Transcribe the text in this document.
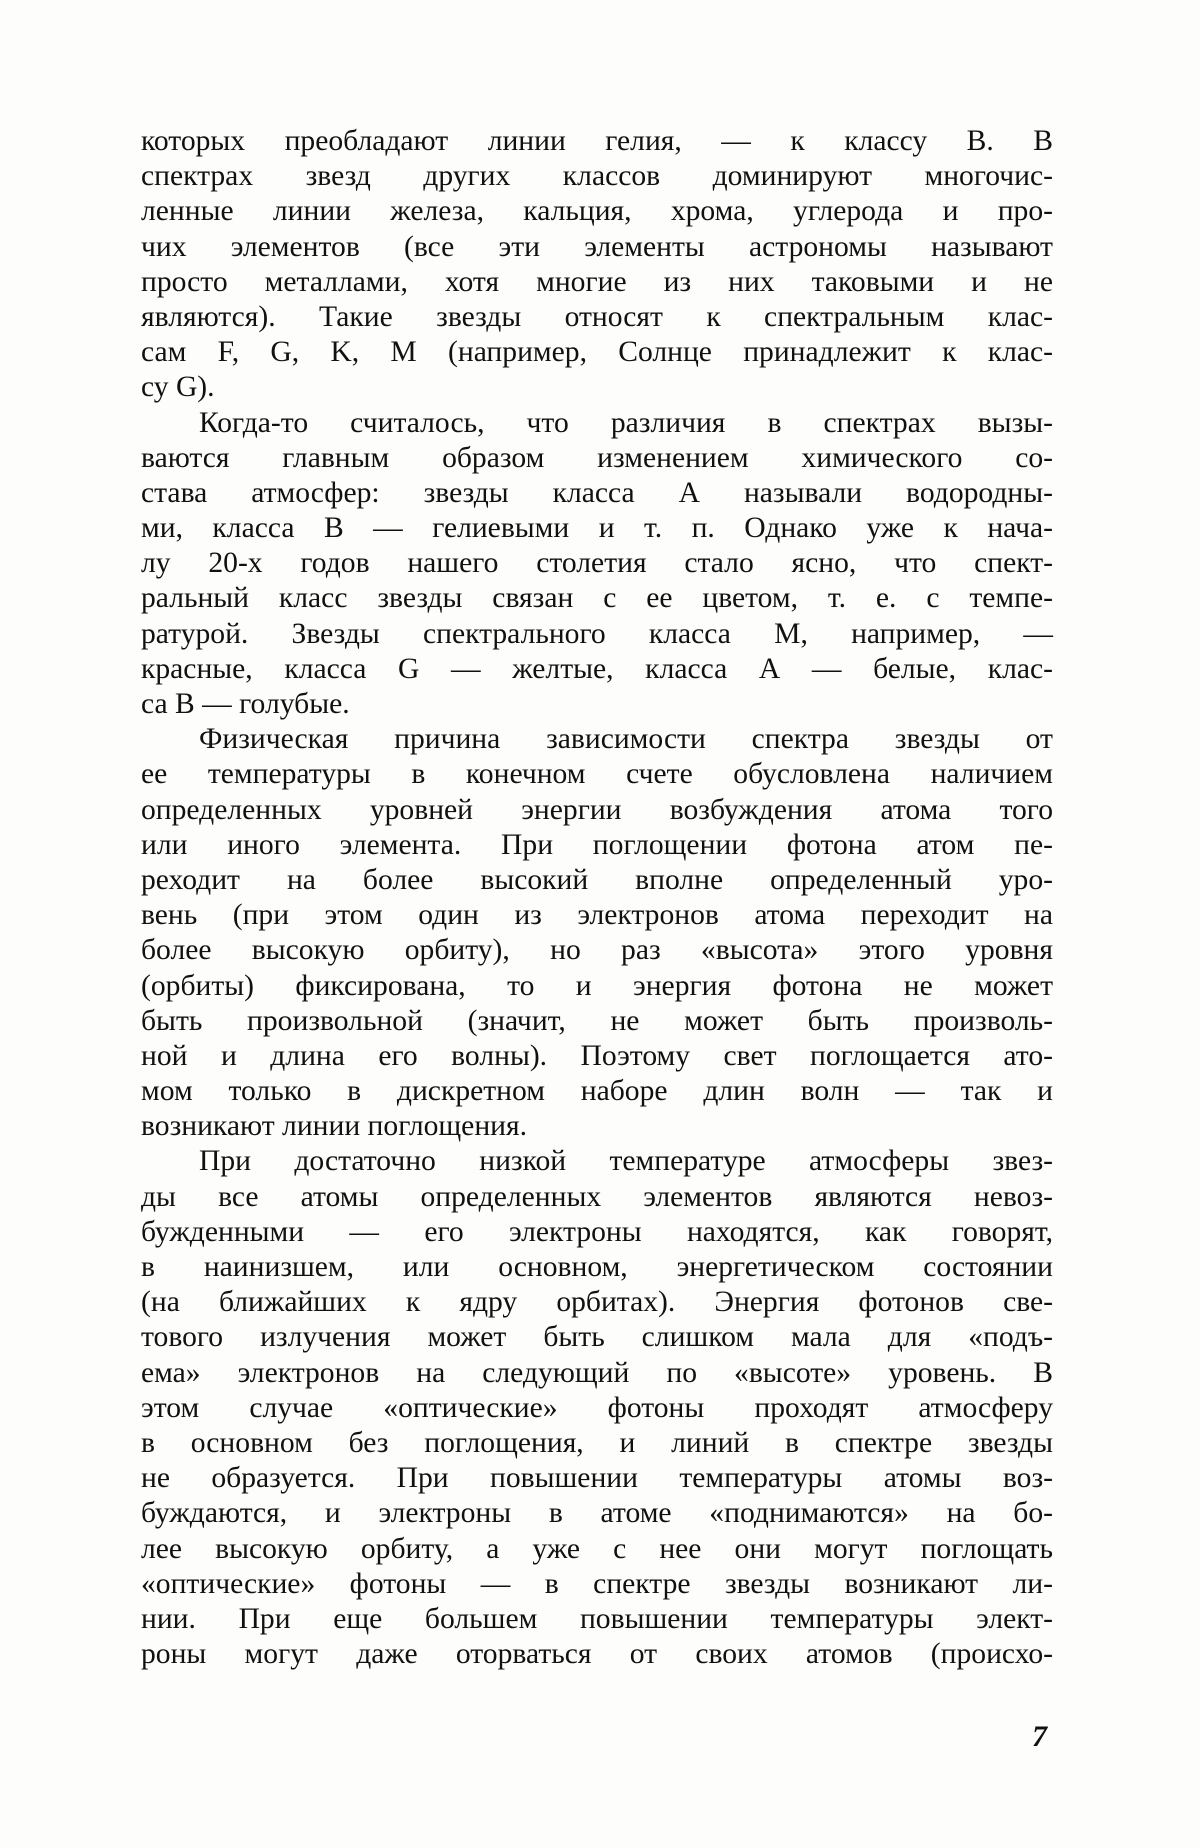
которых преобладают линии гелия, — к классу В. В
спектрах звезд других классов доминируют многочис-
ленные линии железа, кальция, хрома, углерода и про-
чих элементов (все эти элементы астрономы называют
просто металлами, хотя многие из них таковыми и не
являются). Такие звезды относят к спектральным клас-
сам F, G, K, M (например, Солнце принадлежит к клас-
су G).
Когда-то считалось, что различия в спектрах вызы-
ваются главным образом изменением химического со-
става атмосфер: звезды класса А называли водородны-
ми, класса В — гелиевыми и т. п. Однако уже к нача-
лу 20-х годов нашего столетия стало ясно, что спект-
ральный класс звезды связан с ее цветом, т. е. с темпе-
ратурой. Звезды спектрального класса M, например, —
красные, класса G — желтые, класса А — белые, клас-
са В — голубые.
Физическая причина зависимости спектра звезды от
ее температуры в конечном счете обусловлена наличием
определенных уровней энергии возбуждения атома того
или иного элемента. При поглощении фотона атом пе-
реходит на более высокий вполне определенный уро-
вень (при этом один из электронов атома переходит на
более высокую орбиту), но раз «высота» этого уровня
(орбиты) фиксирована, то и энергия фотона не может
быть произвольной (значит, не может быть произволь-
ной и длина его волны). Поэтому свет поглощается ато-
мом только в дискретном наборе длин волн — так и
возникают линии поглощения.
При достаточно низкой температуре атмосферы звез-
ды все атомы определенных элементов являются невоз-
бужденными — его электроны находятся, как говорят,
в наинизшем, или основном, энергетическом состоянии
(на ближайших к ядру орбитах). Энергия фотонов све-
тового излучения может быть слишком мала для «подъ-
ема» электронов на следующий по «высоте» уровень. В
этом случае «оптические» фотоны проходят атмосферу
в основном без поглощения, и линий в спектре звезды
не образуется. При повышении температуры атомы воз-
буждаются, и электроны в атоме «поднимаются» на бо-
лее высокую орбиту, а уже с нее они могут поглощать
«оптические» фотоны — в спектре звезды возникают ли-
нии. При еще большем повышении температуры элект-
роны могут даже оторваться от своих атомов (происхо-
7
